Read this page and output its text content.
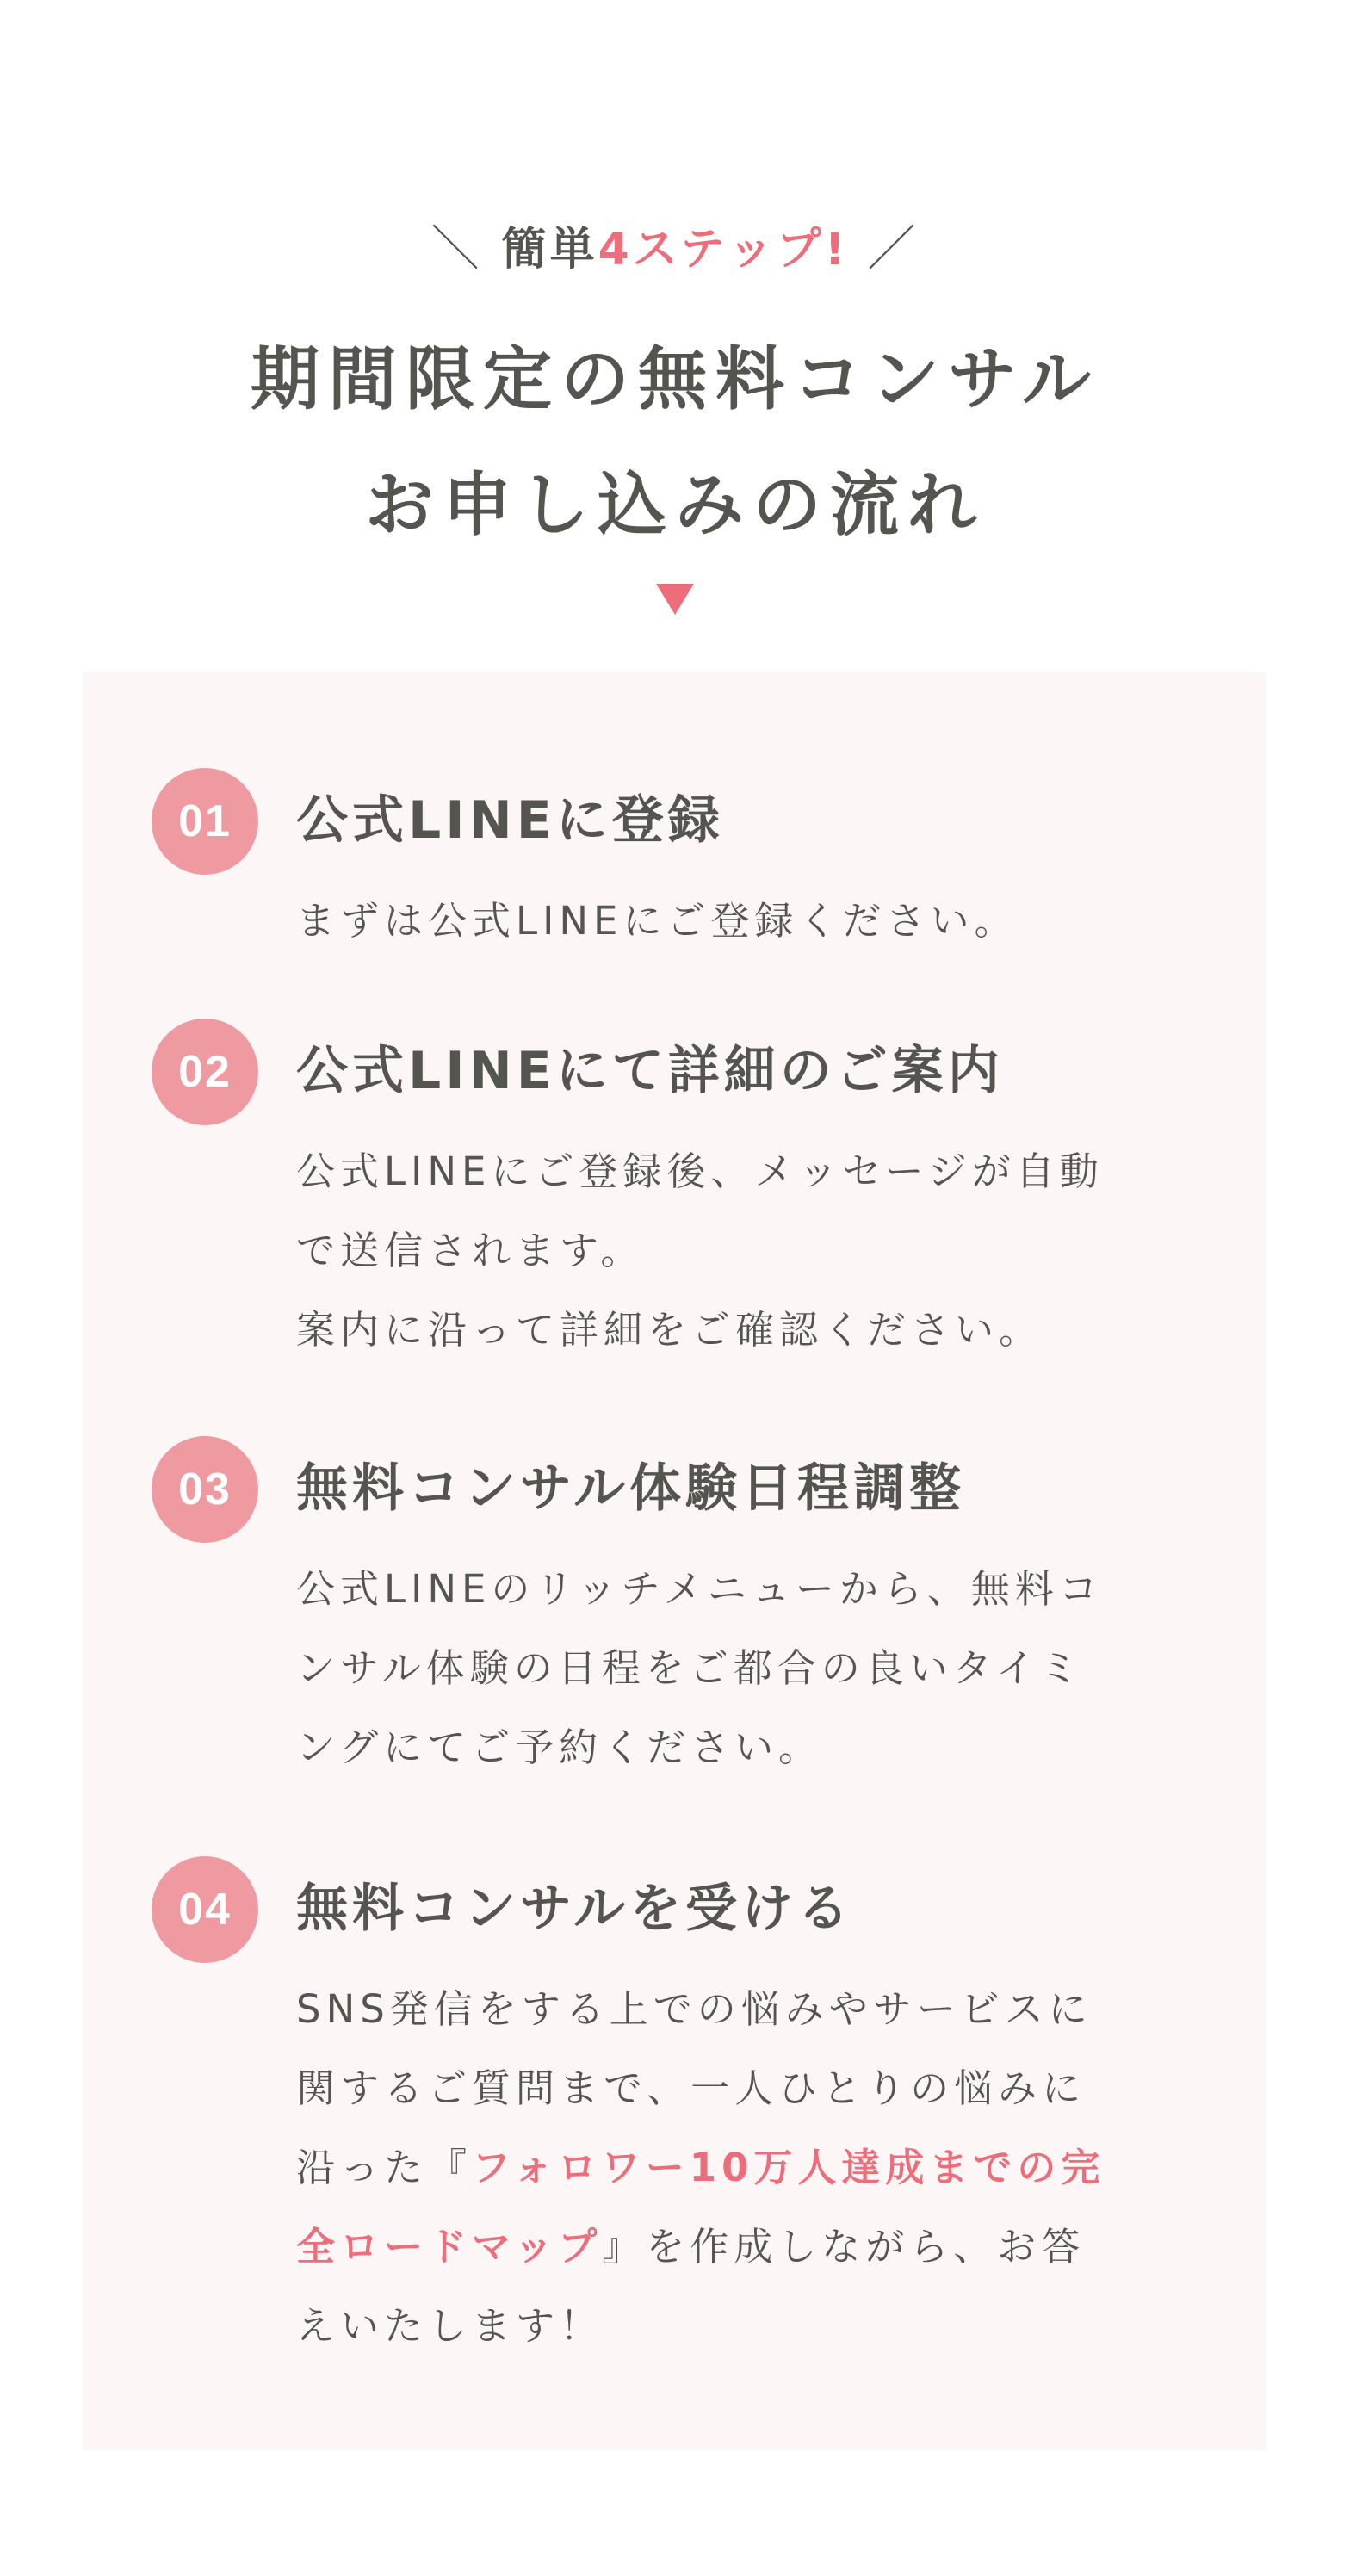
＼ 簡単4ステップ! ／
期間限定の無料コンサル
お申し込みの流れ
01	公式LINEに登録
まずは公式LINEにご登録ください。
02	公式LINEにて詳細のご案内
公式LINEにご登録後、メッセージが自動
で送信されます。
案内に沿って詳細をご確認ください。
03	無料コンサル体験日程調整
公式LINEのリッチメニューから、無料コ
ンサル体験の日程をご都合の良いタイミ
ングにてご予約ください。
04	無料コンサルを受ける
SNS発信をする上での悩みやサービスに
関するご質問まで、一人ひとりの悩みに
沿った『フォロワー10万人達成までの完
全ロードマップ』を作成しながら、お答
えいたします！
